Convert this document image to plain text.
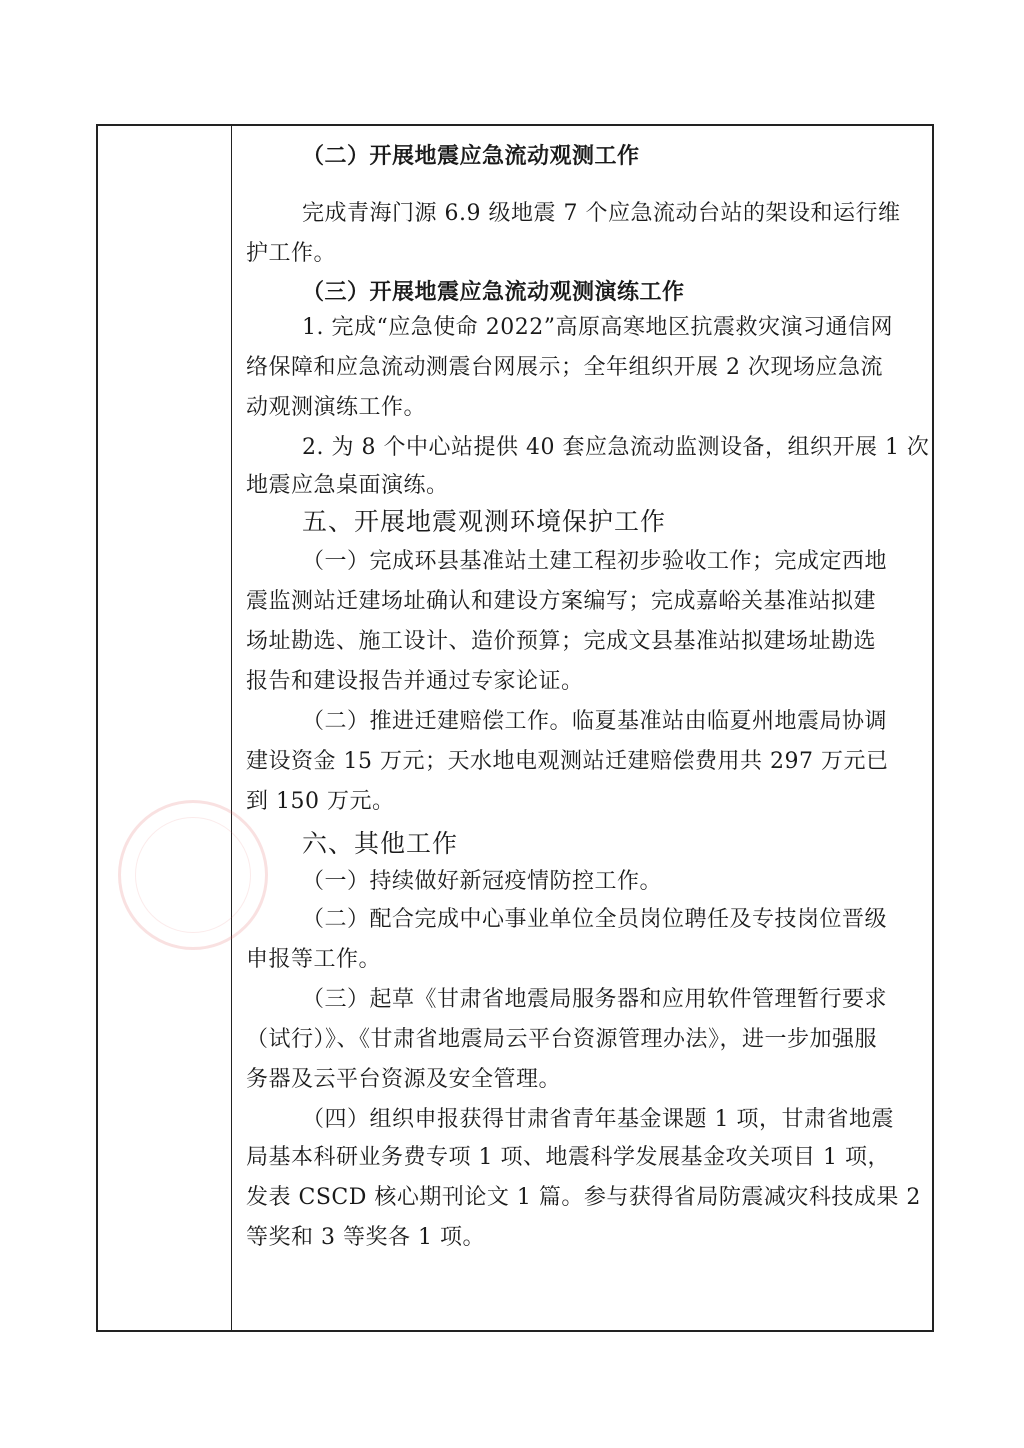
（二）开展地震应急流动观测工作
完成青海门源 6.9 级地震 7 个应急流动台站的架设和运行维
护工作。
（三）开展地震应急流动观测演练工作
1. 完成“应急使命 2022”高原高寒地区抗震救灾演习通信网
络保障和应急流动测震台网展示；全年组织开展 2 次现场应急流
动观测演练工作。
2. 为 8 个中心站提供 40 套应急流动监测设备，组织开展 1 次
地震应急桌面演练。
五、开展地震观测环境保护工作
（一）完成环县基准站土建工程初步验收工作；完成定西地
震监测站迁建场址确认和建设方案编写；完成嘉峪关基准站拟建
场址勘选、施工设计、造价预算；完成文县基准站拟建场址勘选
报告和建设报告并通过专家论证。
（二）推进迁建赔偿工作。临夏基准站由临夏州地震局协调
建设资金 15 万元；天水地电观测站迁建赔偿费用共 297 万元已
到 150 万元。
六、其他工作
（一）持续做好新冠疫情防控工作。
（二）配合完成中心事业单位全员岗位聘任及专技岗位晋级
申报等工作。
（三）起草《甘肃省地震局服务器和应用软件管理暂行要求
（试行）》、《甘肃省地震局云平台资源管理办法》，进一步加强服
务器及云平台资源及安全管理。
（四）组织申报获得甘肃省青年基金课题 1 项，甘肃省地震
局基本科研业务费专项 1 项、地震科学发展基金攻关项目 1 项，
发表 CSCD 核心期刊论文 1 篇。参与获得省局防震减灾科技成果 2
等奖和 3 等奖各 1 项。
